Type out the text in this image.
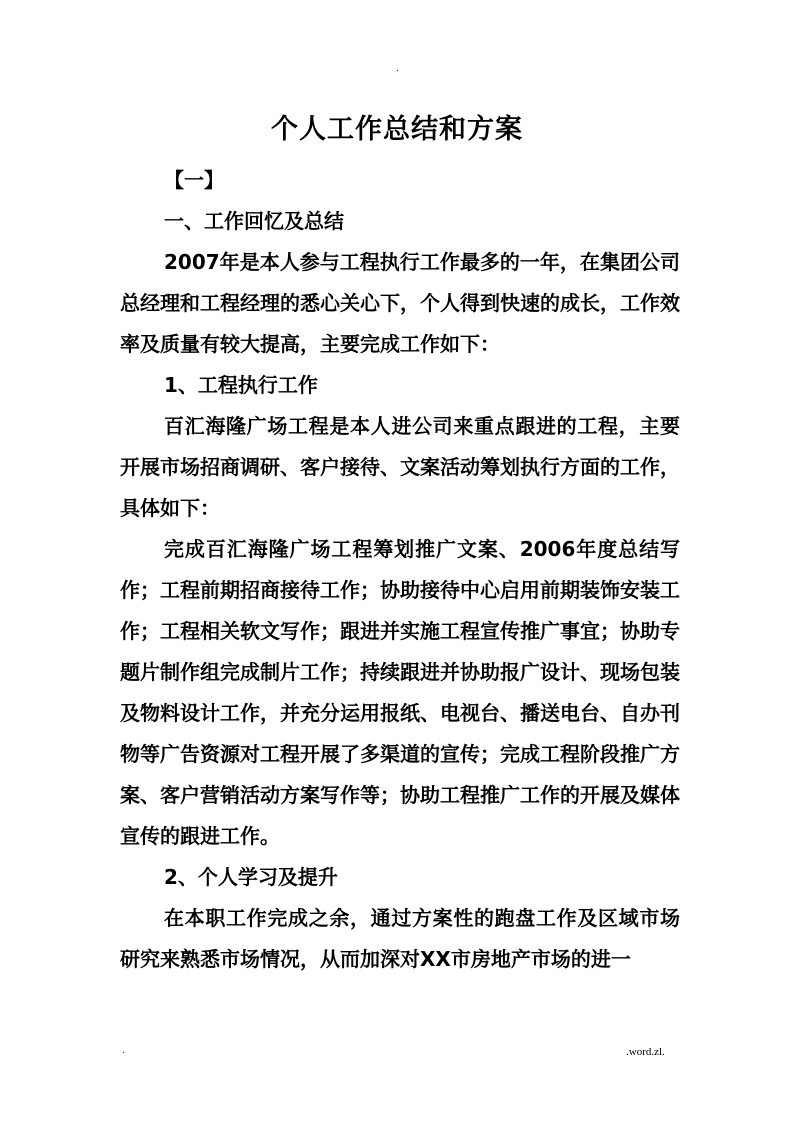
.
个人工作总结和方案

【一】

一、工作回忆及总结

2007年是本人参与工程执行工作最多的一年，在集团公司总经理和工程经理的悉心关心下，个人得到快速的成长，工作效率及质量有较大提高，主要完成工作如下：

1、工程执行工作

百汇海隆广场工程是本人进公司来重点跟进的工程，主要开展市场招商调研、客户接待、文案活动筹划执行方面的工作，具体如下：

完成百汇海隆广场工程筹划推广文案、2006年度总结写作；工程前期招商接待工作；协助接待中心启用前期装饰安装工作；工程相关软文写作；跟进并实施工程宣传推广事宜；协助专题片制作组完成制片工作；持续跟进并协助报广设计、现场包装及物料设计工作，并充分运用报纸、电视台、播送电台、自办刊物等广告资源对工程开展了多渠道的宣传；完成工程阶段推广方案、客户营销活动方案写作等；协助工程推广工作的开展及媒体宣传的跟进工作。

2、个人学习及提升

在本职工作完成之余，通过方案性的跑盘工作及区域市场研究来熟悉市场情况，从而加深对XX市房地产市场的进一

.	.word.zl.
